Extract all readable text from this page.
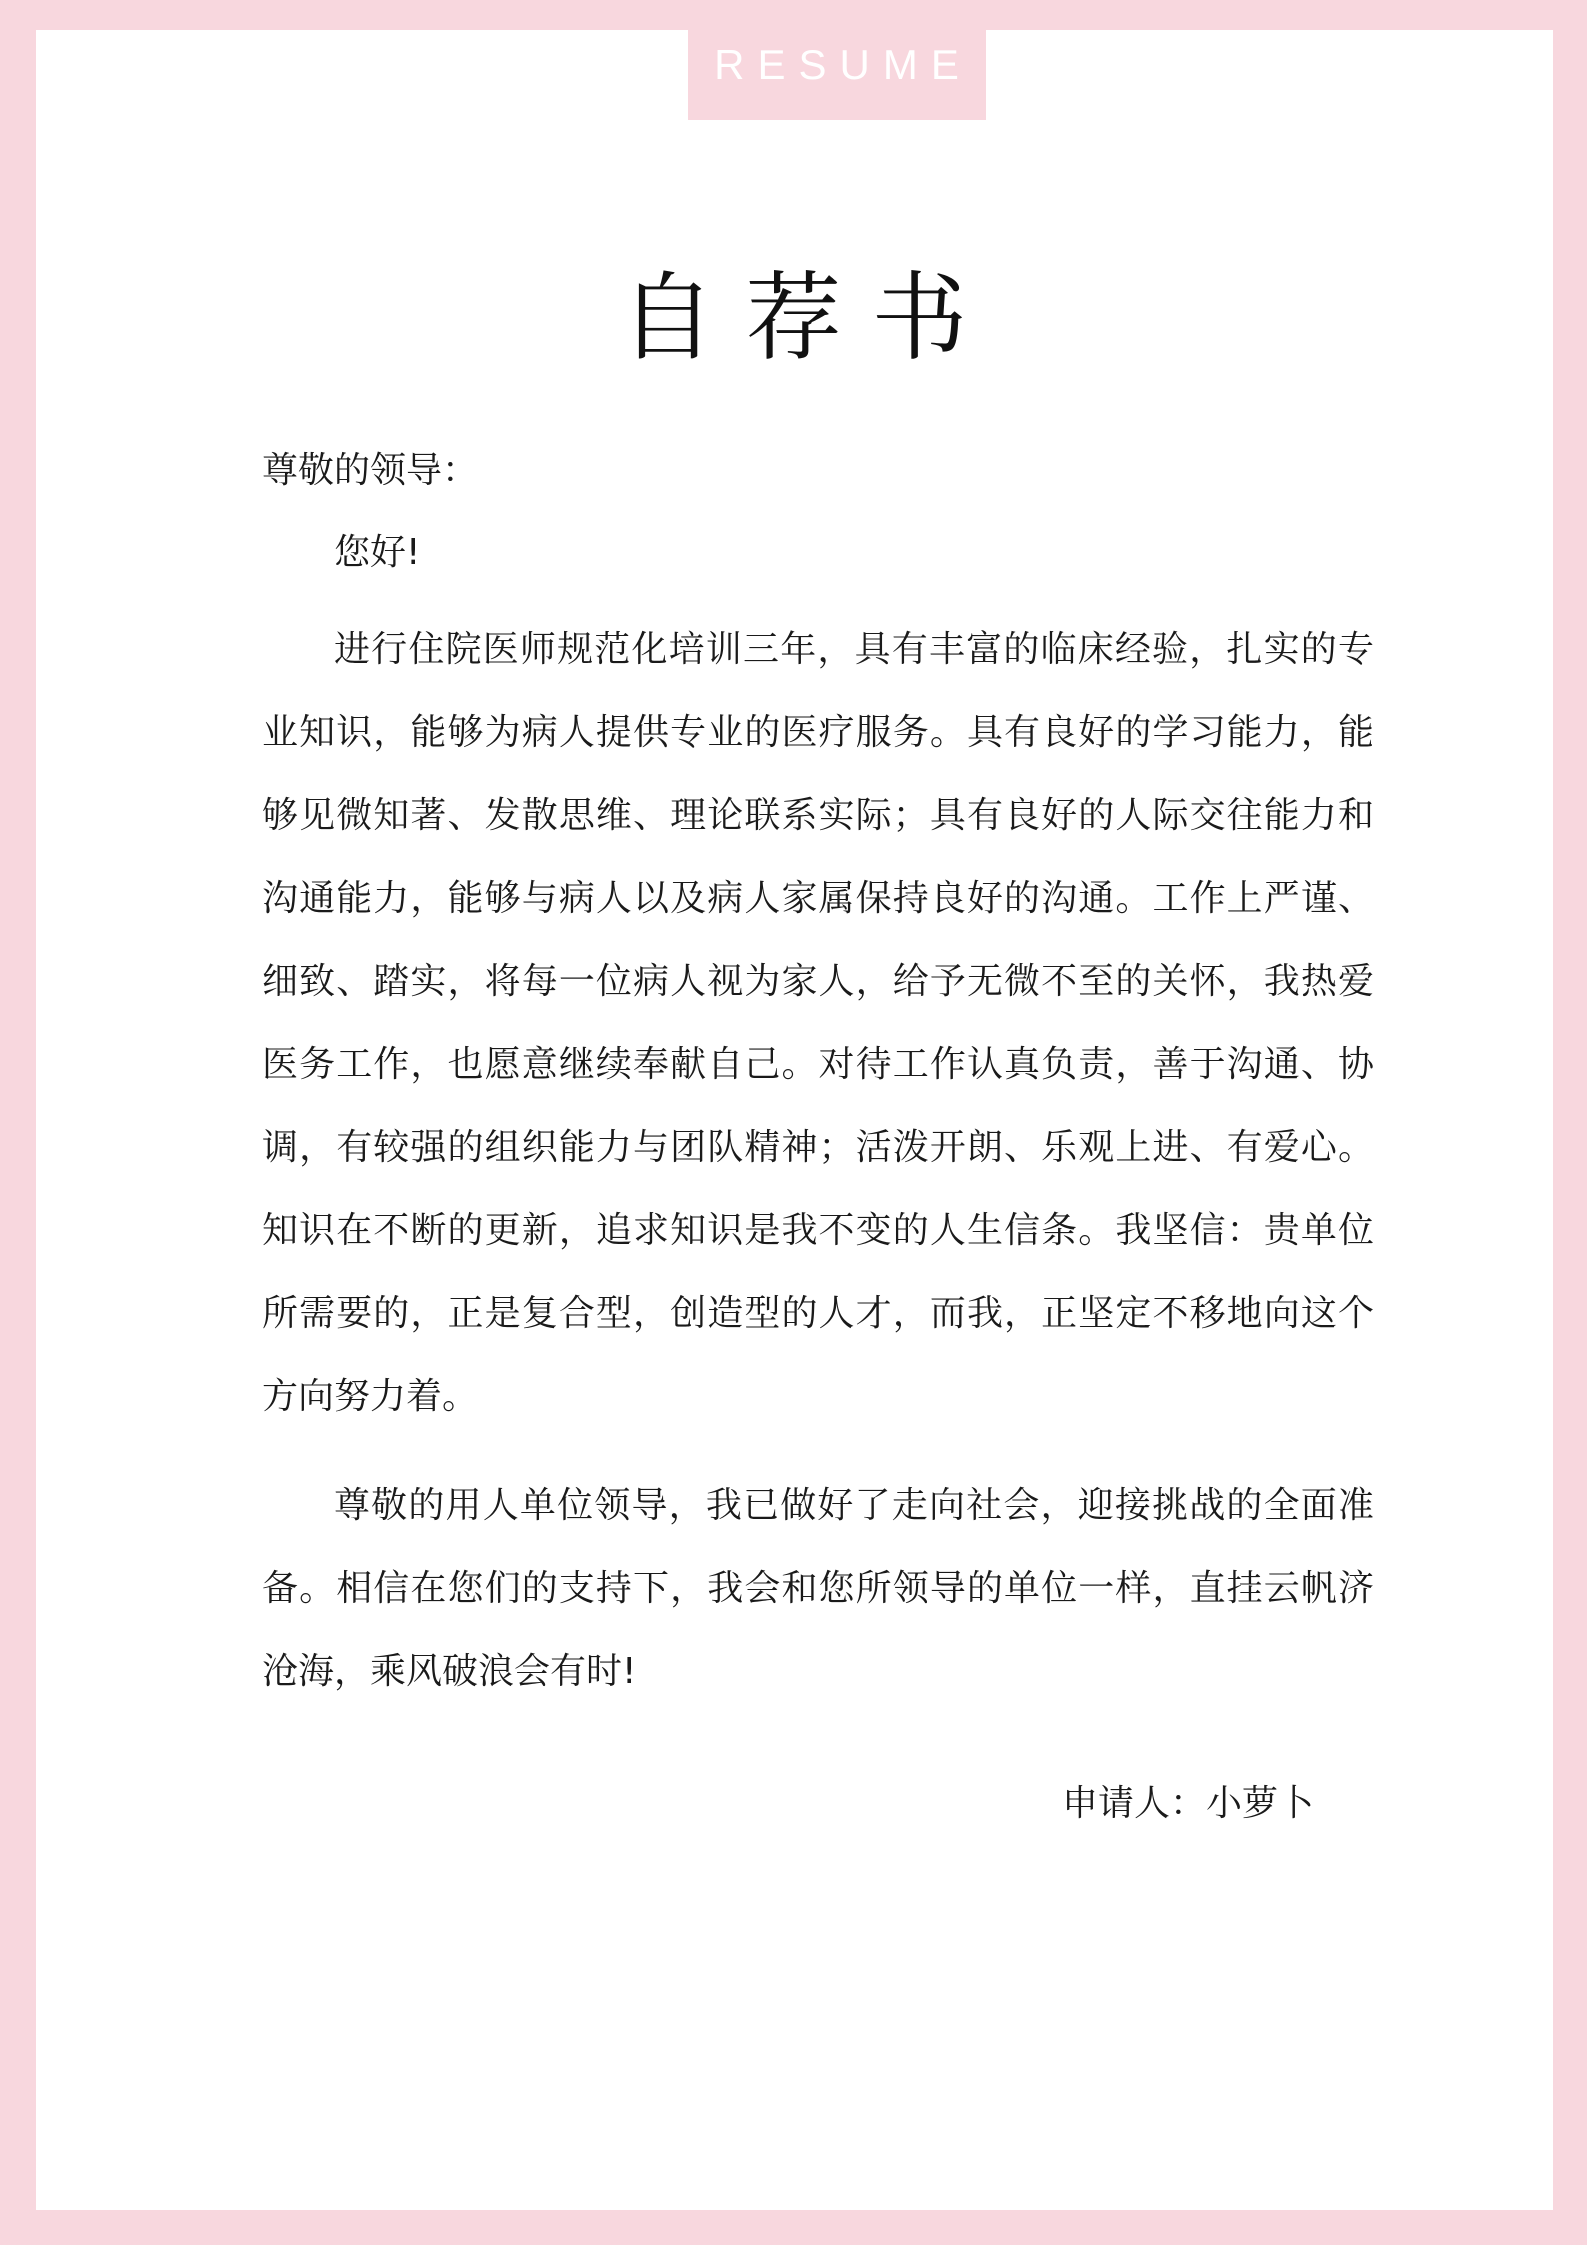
RESUME
自荐书

尊敬的领导：

您好!

进行住院医师规范化培训三年，具有丰富的临床经验，扎实的专业知识，能够为病人提供专业的医疗服务。具有良好的学习能力，能够见微知著、发散思维、理论联系实际；具有良好的人际交往能力和沟通能力，能够与病人以及病人家属保持良好的沟通。工作上严谨、细致、踏实，将每一位病人视为家人，给予无微不至的关怀，我热爱医务工作，也愿意继续奉献自己。对待工作认真负责，善于沟通、协调，有较强的组织能力与团队精神；活泼开朗、乐观上进、有爱心。知识在不断的更新，追求知识是我不变的人生信条。我坚信：贵单位所需要的，正是复合型，创造型的人才，而我，正坚定不移地向这个方向努力着。

尊敬的用人单位领导，我已做好了走向社会，迎接挑战的全面准备。相信在您们的支持下，我会和您所领导的单位一样，直挂云帆济沧海，乘风破浪会有时!

申请人：小萝卜
